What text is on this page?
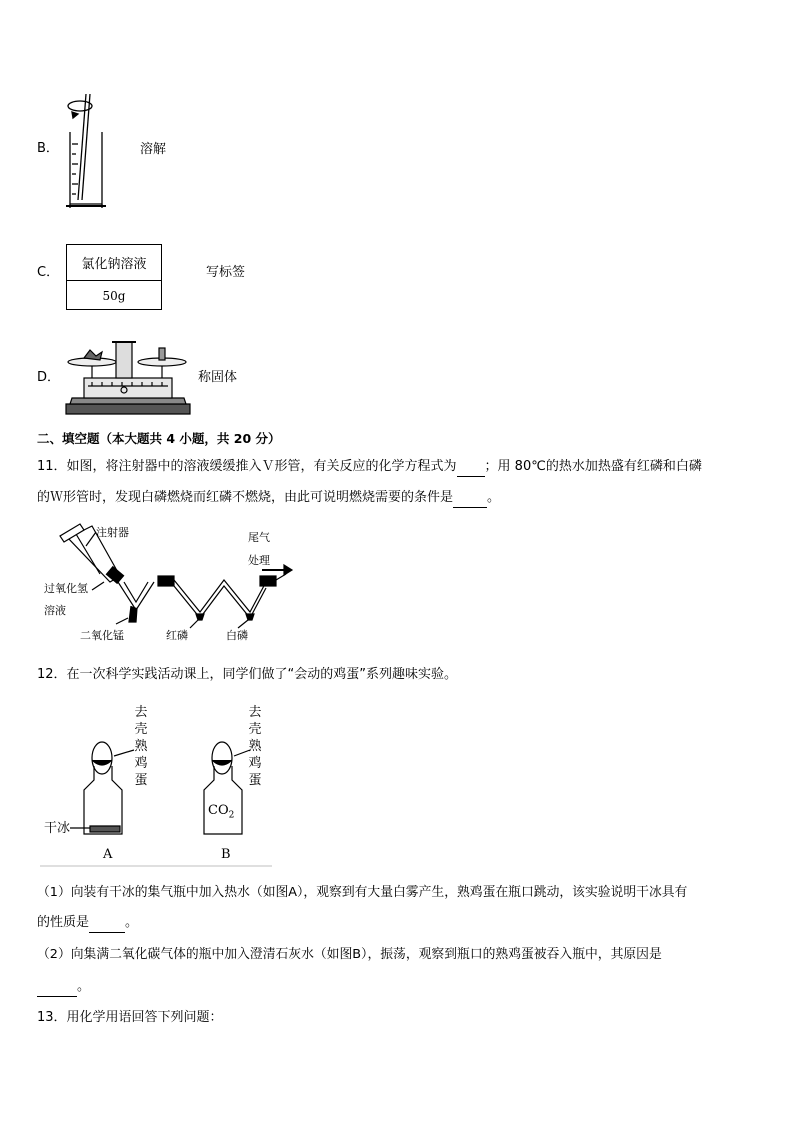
B．	溶解
C．
氯化钠溶液
50g
写标签
D．	称固体
二、填空题（本大题共 4 小题，共 20 分）
11．如图，将注射器中的溶液缓缓推入Ｖ形管，有关反应的化学方程式为 ；用 80℃的热水加热盛有红磷和白磷
的Ｗ形管时，发现白磷燃烧而红磷不燃烧，由此可说明燃烧需要的条件是	。
注射器	尾气
处理
过氧化氢
溶液
二氧化锰	红磷	白磷
12．在一次科学实践活动课上，同学们做了“会动的鸡蛋”系列趣味实验。
去壳熟鸡蛋
去壳熟鸡蛋
干冰
$CO_2$
A	B
（1）向装有干冰的集气瓶中加入热水（如图A），观察到有大量白雾产生，熟鸡蛋在瓶口跳动，该实验说明干冰具有
的性质是	。
（2）向集满二氧化碳气体的瓶中加入澄清石灰水（如图B），振荡，观察到瓶口的熟鸡蛋被吞入瓶中，其原因是
。
13．用化学用语回答下列问题：
